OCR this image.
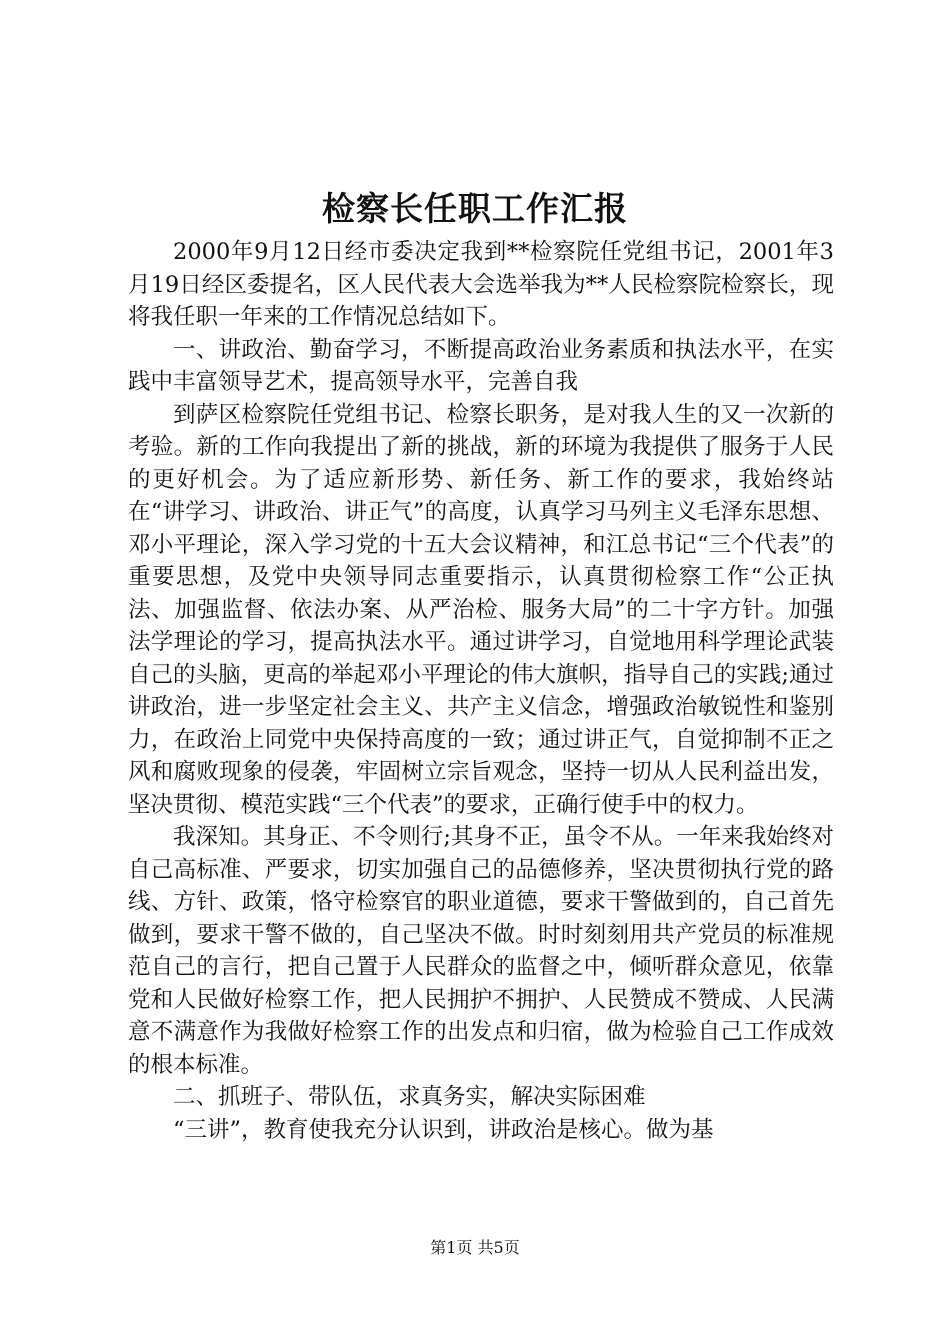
检察长任职工作汇报

2000年9月12日经市委决定我到**检察院任党组书记，2001年3月19日经区委提名，区人民代表大会选举我为**人民检察院检察长，现将我任职一年来的工作情况总结如下。

一、讲政治、勤奋学习，不断提高政治业务素质和执法水平，在实践中丰富领导艺术，提高领导水平，完善自我

到萨区检察院任党组书记、检察长职务，是对我人生的又一次新的考验。新的工作向我提出了新的挑战，新的环境为我提供了服务于人民的更好机会。为了适应新形势、新任务、新工作的要求，我始终站在“讲学习、讲政治、讲正气”的高度，认真学习马列主义毛泽东思想、邓小平理论，深入学习党的十五大会议精神，和江总书记“三个代表”的重要思想，及党中央领导同志重要指示，认真贯彻检察工作“公正执法、加强监督、依法办案、从严治检、服务大局”的二十字方针。加强法学理论的学习，提高执法水平。通过讲学习，自觉地用科学理论武装自己的头脑，更高的举起邓小平理论的伟大旗帜，指导自己的实践;通过讲政治，进一步坚定社会主义、共产主义信念，增强政治敏锐性和鉴别力，在政治上同党中央保持高度的一致；通过讲正气，自觉抑制不正之风和腐败现象的侵袭，牢固树立宗旨观念，坚持一切从人民利益出发，坚决贯彻、模范实践“三个代表”的要求，正确行使手中的权力。

我深知。其身正、不令则行;其身不正，虽令不从。一年来我始终对自己高标准、严要求，切实加强自己的品德修养，坚决贯彻执行党的路线、方针、政策，恪守检察官的职业道德，要求干警做到的，自己首先做到，要求干警不做的，自己坚决不做。时时刻刻用共产党员的标准规范自己的言行，把自己置于人民群众的监督之中，倾听群众意见，依靠党和人民做好检察工作，把人民拥护不拥护、人民赞成不赞成、人民满意不满意作为我做好检察工作的出发点和归宿，做为检验自己工作成效的根本标准。

二、抓班子、带队伍，求真务实，解决实际困难

“三讲”，教育使我充分认识到，讲政治是核心。做为基

第1页 共5页
